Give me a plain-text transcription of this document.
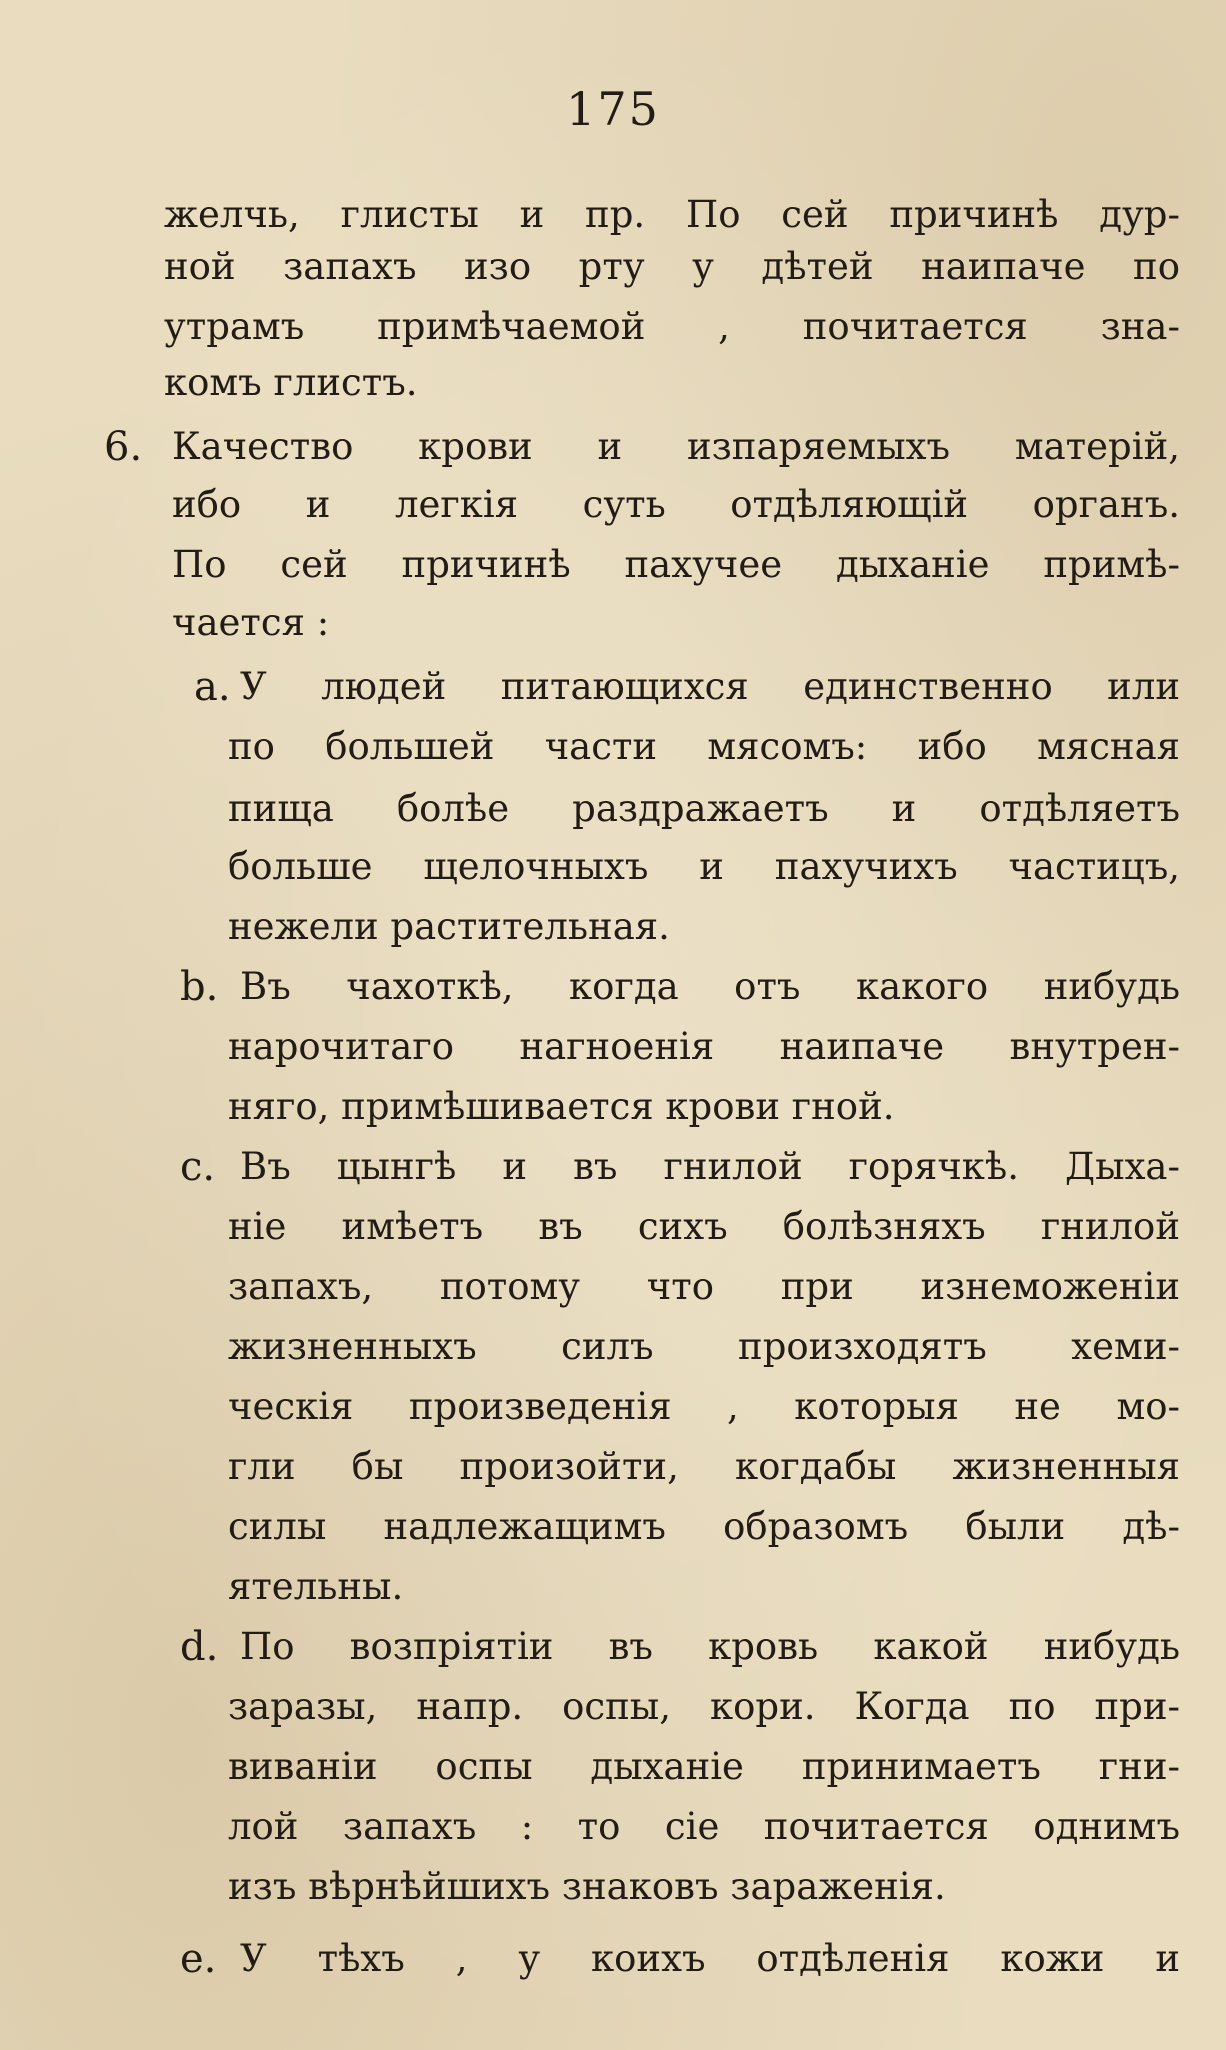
175
желчь, глисты и пр. По сей причинѣ дур-
ной запахъ изо рту у дѣтей наипаче по
утрамъ примѣчаемой , почитается зна-
комъ глистъ.
6. Качество крови и изпаряемыхъ матерій,
ибо и легкія суть отдѣляющій органъ.
По сей причинѣ пахучее дыханіе примѣ-
чается :
a. У людей питающихся единственно или
по большей части мясомъ: ибо мясная
пища болѣе раздражаетъ и отдѣляетъ
больше щелочныхъ и пахучихъ частицъ,
нежели растительная.
b. Въ чахоткѣ, когда отъ какого нибудь
нарочитаго нагноенія наипаче внутрен-
няго, примѣшивается крови гной.
c. Въ цынгѣ и въ гнилой горячкѣ. Дыха-
ніе имѣетъ въ сихъ болѣзняхъ гнилой
запахъ, потому что при изнеможеніи
жизненныхъ силъ произходятъ хеми-
ческія произведенія , которыя не мо-
гли бы произойти, когдабы жизненныя
силы надлежащимъ образомъ были дѣ-
ятельны.
d. По возпріятіи въ кровь какой нибудь
заразы, напр. оспы, кори. Когда по при-
виваніи оспы дыханіе принимаетъ гни-
лой запахъ : то сіе почитается однимъ
изъ вѣрнѣйшихъ знаковъ зараженія.
e. У тѣхъ , у коихъ отдѣленія кожи и
